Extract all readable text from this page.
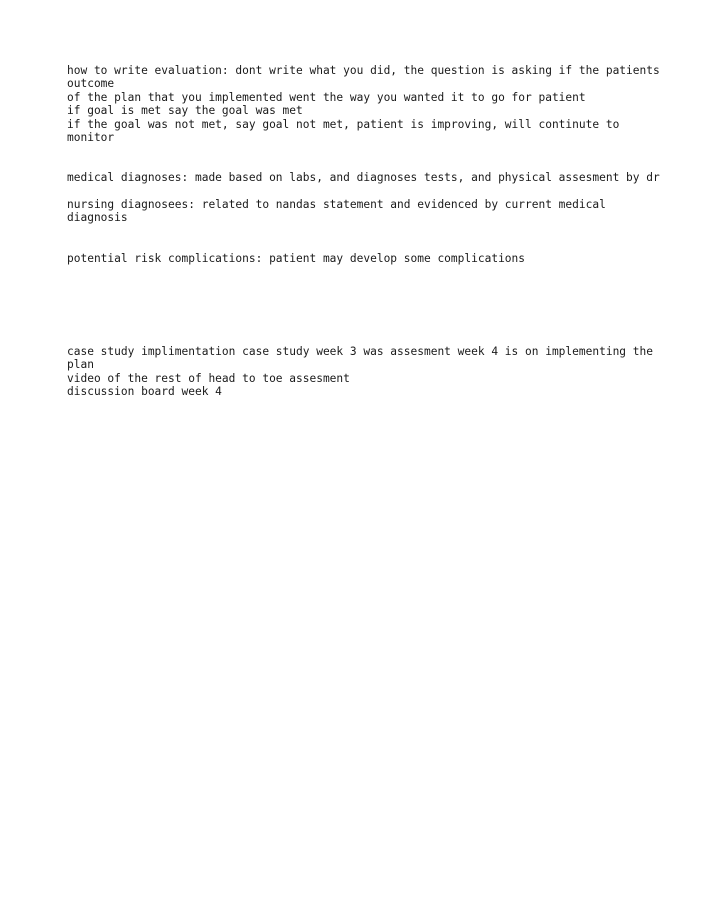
how to write evaluation: dont write what you did, the question is asking if the patients outcome
of the plan that you implemented went the way you wanted it to go for patient
if goal is met say the goal was met
if the goal was not met, say goal not met, patient is improving, will continute to monitor
medical diagnoses: made based on labs, and diagnoses tests, and physical assesment by dr
nursing diagnosees: related to nandas statement and evidenced by current medical diagnosis
potential risk complications: patient may develop some complications
case study implimentation case study week 3 was assesment week 4 is on implementing the plan
video of the rest of head to toe assesment
discussion board week 4
